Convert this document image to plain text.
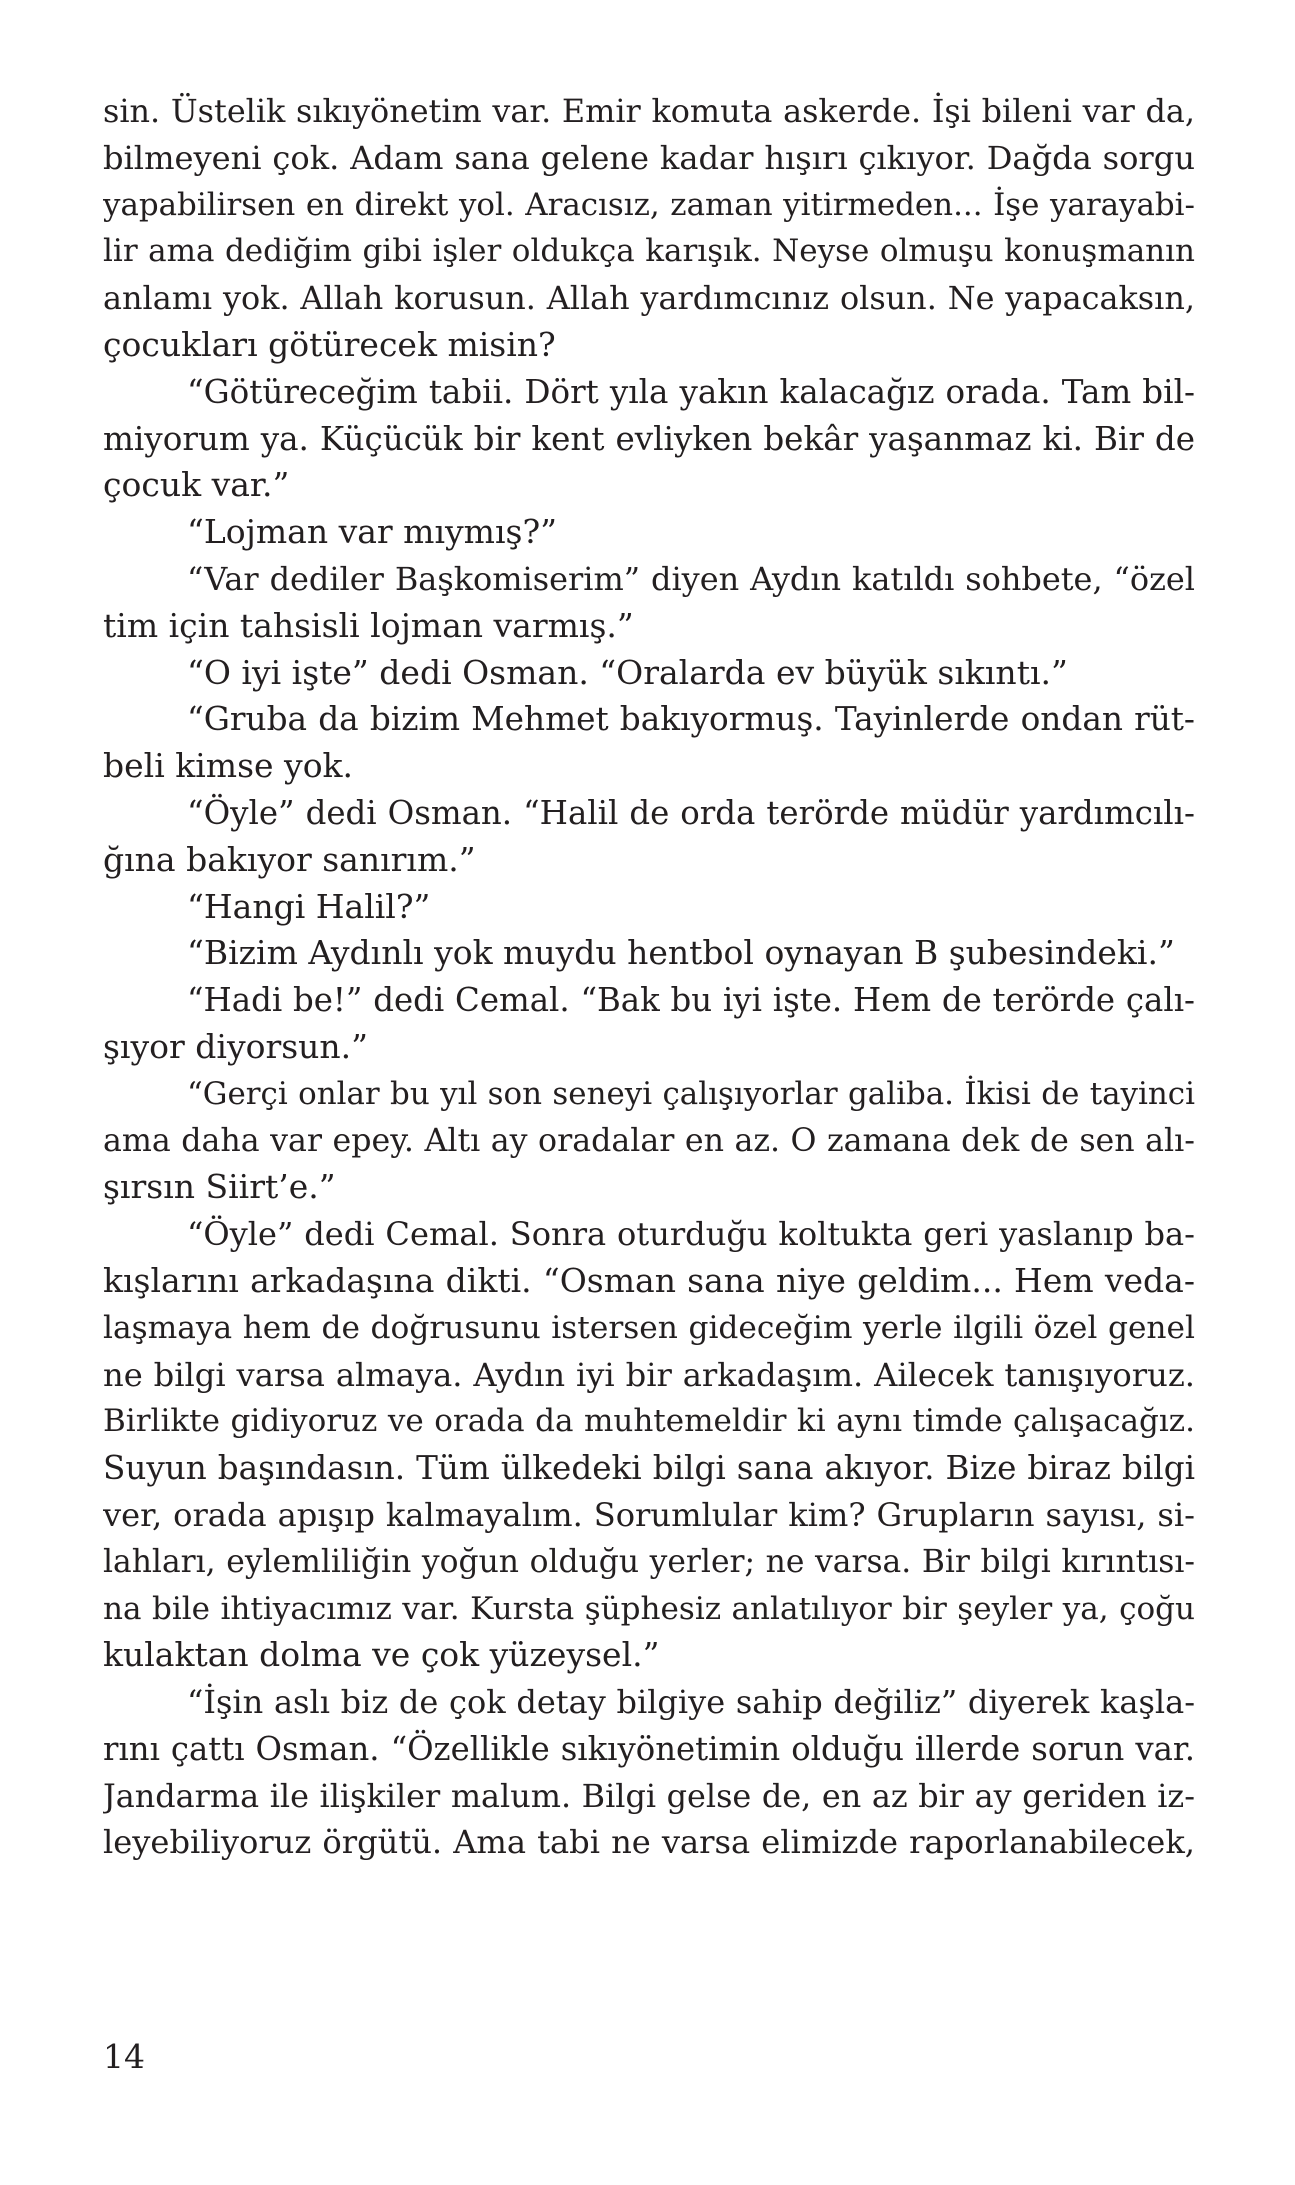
sin. Üstelik sıkıyönetim var. Emir komuta askerde. İşi bileni var da,
bilmeyeni çok. Adam sana gelene kadar hışırı çıkıyor. Dağda sorgu
yapabilirsen en direkt yol. Aracısız, zaman yitirmeden... İşe yarayabi-
lir ama dediğim gibi işler oldukça karışık. Neyse olmuşu konuşmanın
anlamı yok. Allah korusun. Allah yardımcınız olsun. Ne yapacaksın,
çocukları götürecek misin?
“Götüreceğim tabii. Dört yıla yakın kalacağız orada. Tam bil-
miyorum ya. Küçücük bir kent evliyken bekâr yaşanmaz ki. Bir de
çocuk var.”
“Lojman var mıymış?”
“Var dediler Başkomiserim” diyen Aydın katıldı sohbete, “özel
tim için tahsisli lojman varmış.”
“O iyi işte” dedi Osman. “Oralarda ev büyük sıkıntı.”
“Gruba da bizim Mehmet bakıyormuş. Tayinlerde ondan rüt-
beli kimse yok.
“Öyle” dedi Osman. “Halil de orda terörde müdür yardımcılı-
ğına bakıyor sanırım.”
“Hangi Halil?”
“Bizim Aydınlı yok muydu hentbol oynayan B şubesindeki.”
“Hadi be!” dedi Cemal. “Bak bu iyi işte. Hem de terörde çalı-
şıyor diyorsun.”
“Gerçi onlar bu yıl son seneyi çalışıyorlar galiba. İkisi de tayinci
ama daha var epey. Altı ay oradalar en az. O zamana dek de sen alı-
şırsın Siirt’e.”
“Öyle” dedi Cemal. Sonra oturduğu koltukta geri yaslanıp ba-
kışlarını arkadaşına dikti. “Osman sana niye geldim... Hem veda-
laşmaya hem de doğrusunu istersen gideceğim yerle ilgili özel genel
ne bilgi varsa almaya. Aydın iyi bir arkadaşım. Ailecek tanışıyoruz.
Birlikte gidiyoruz ve orada da muhtemeldir ki aynı timde çalışacağız.
Suyun başındasın. Tüm ülkedeki bilgi sana akıyor. Bize biraz bilgi
ver, orada apışıp kalmayalım. Sorumlular kim? Grupların sayısı, si-
lahları, eylemliliğin yoğun olduğu yerler; ne varsa. Bir bilgi kırıntısı-
na bile ihtiyacımız var. Kursta şüphesiz anlatılıyor bir şeyler ya, çoğu
kulaktan dolma ve çok yüzeysel.”
“İşin aslı biz de çok detay bilgiye sahip değiliz” diyerek kaşla-
rını çattı Osman. “Özellikle sıkıyönetimin olduğu illerde sorun var.
Jandarma ile ilişkiler malum. Bilgi gelse de, en az bir ay geriden iz-
leyebiliyoruz örgütü. Ama tabi ne varsa elimizde raporlanabilecek,
14
